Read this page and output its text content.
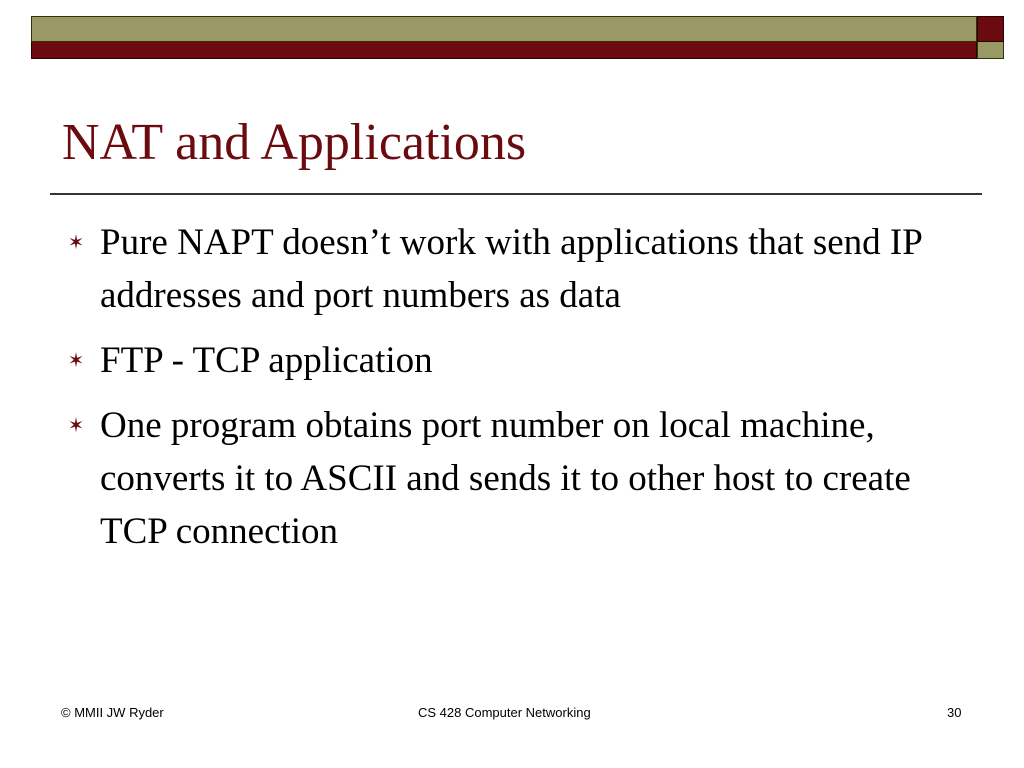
NAT and Applications
✶ Pure NAPT doesn’t work with applications that send IP addresses and port numbers as data
✶ FTP - TCP application
✶ One program obtains port number on local machine, converts it to ASCII and sends it to other host to create TCP connection
© MMII JW Ryder	CS 428 Computer Networking	30
